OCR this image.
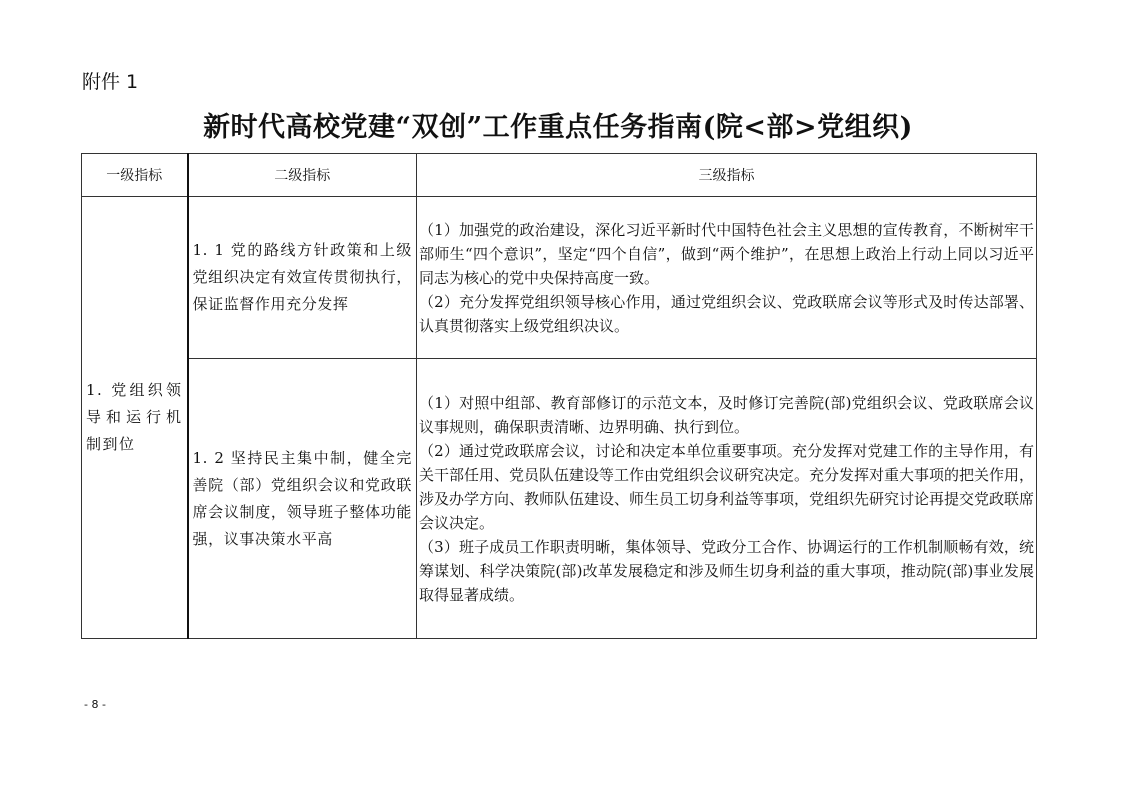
附件 1
新时代高校党建“双创”工作重点任务指南(院<部>党组织)
一级指标	二级指标	三级指标
1. 党组织领导和运行机制到位	1. 1 党的路线方针政策和上级党组织决定有效宣传贯彻执行，保证监督作用充分发挥	（1）加强党的政治建设，深化习近平新时代中国特色社会主义思想的宣传教育，不断树牢干部师生“四个意识”，坚定“四个自信”，做到“两个维护”，在思想上政治上行动上同以习近平同志为核心的党中央保持高度一致。

（2）充分发挥党组织领导核心作用，通过党组织会议、党政联席会议等形式及时传达部署、认真贯彻落实上级党组织决议。

	1. 2 坚持民主集中制，健全完善院（部）党组织会议和党政联席会议制度，领导班子整体功能强，议事决策水平高	（1）对照中组部、教育部修订的示范文本，及时修订完善院(部)党组织会议、党政联席会议议事规则，确保职责清晰、边界明确、执行到位。

（2）通过党政联席会议，讨论和决定本单位重要事项。充分发挥对党建工作的主导作用，有关干部任用、党员队伍建设等工作由党组织会议研究决定。充分发挥对重大事项的把关作用，涉及办学方向、教师队伍建设、师生员工切身利益等事项，党组织先研究讨论再提交党政联席会议决定。

（3）班子成员工作职责明晰，集体领导、党政分工合作、协调运行的工作机制顺畅有效，统筹谋划、科学决策院(部)改革发展稳定和涉及师生切身利益的重大事项，推动院(部)事业发展取得显著成绩。

- 8 -
